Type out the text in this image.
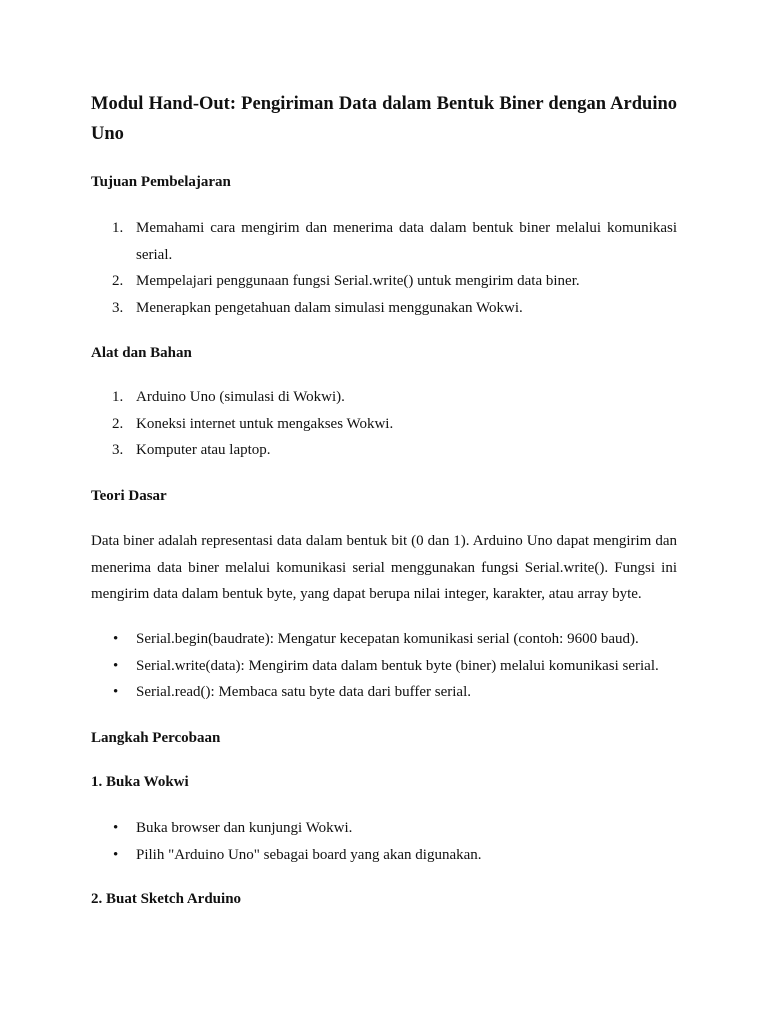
Modul Hand-Out: Pengiriman Data dalam Bentuk Biner dengan Arduino Uno
Tujuan Pembelajaran
1. Memahami cara mengirim dan menerima data dalam bentuk biner melalui komunikasi serial.
2. Mempelajari penggunaan fungsi Serial.write() untuk mengirim data biner.
3. Menerapkan pengetahuan dalam simulasi menggunakan Wokwi.
Alat dan Bahan
1. Arduino Uno (simulasi di Wokwi).
2. Koneksi internet untuk mengakses Wokwi.
3. Komputer atau laptop.
Teori Dasar

Data biner adalah representasi data dalam bentuk bit (0 dan 1). Arduino Uno dapat mengirim dan menerima data biner melalui komunikasi serial menggunakan fungsi Serial.write(). Fungsi ini mengirim data dalam bentuk byte, yang dapat berupa nilai integer, karakter, atau array byte.

• Serial.begin(baudrate): Mengatur kecepatan komunikasi serial (contoh: 9600 baud).
• Serial.write(data): Mengirim data dalam bentuk byte (biner) melalui komunikasi serial.
• Serial.read(): Membaca satu byte data dari buffer serial.
Langkah Percobaan
1. Buka Wokwi
• Buka browser dan kunjungi Wokwi.
• Pilih "Arduino Uno" sebagai board yang akan digunakan.
2. Buat Sketch Arduino
